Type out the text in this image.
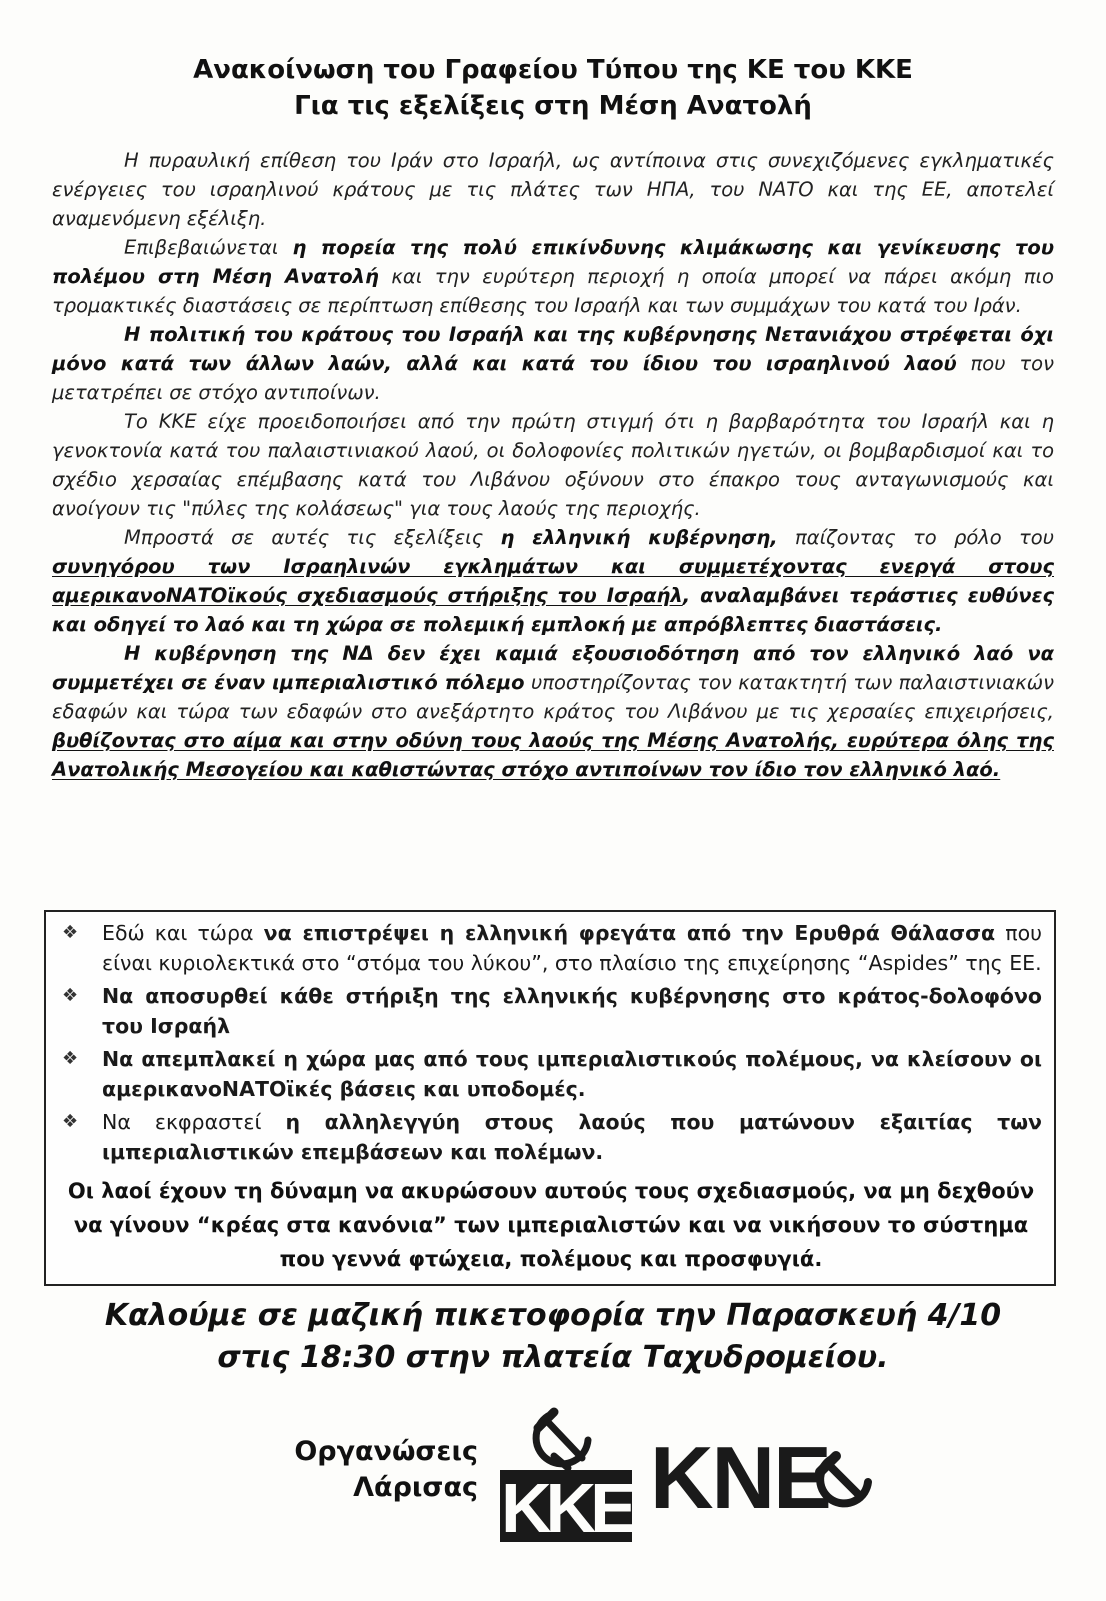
Ανακοίνωση του Γραφείου Τύπου της ΚΕ του ΚΚΕ
Για τις εξελίξεις στη Μέση Ανατολή

Η πυραυλική επίθεση του Ιράν στο Ισραήλ, ως αντίποινα στις συνεχιζόμενες εγκληματικές ενέργειες του ισραηλινού κράτους με τις πλάτες των ΗΠΑ, του ΝΑΤΟ και της ΕΕ, αποτελεί αναμενόμενη εξέλιξη.

Επιβεβαιώνεται η πορεία της πολύ επικίνδυνης κλιμάκωσης και γενίκευσης του πολέμου στη Μέση Ανατολή και την ευρύτερη περιοχή η οποία μπορεί να πάρει ακόμη πιο τρομακτικές διαστάσεις σε περίπτωση επίθεσης του Ισραήλ και των συμμάχων του κατά του Ιράν.

Η πολιτική του κράτους του Ισραήλ και της κυβέρνησης Νετανιάχου στρέφεται όχι μόνο κατά των άλλων λαών, αλλά και κατά του ίδιου του ισραηλινού λαού που τον μετατρέπει σε στόχο αντιποίνων.

Το ΚΚΕ είχε προειδοποιήσει από την πρώτη στιγμή ότι η βαρβαρότητα του Ισραήλ και η γενοκτονία κατά του παλαιστινιακού λαού, οι δολοφονίες πολιτικών ηγετών, οι βομβαρδισμοί και το σχέδιο χερσαίας επέμβασης κατά του Λιβάνου οξύνουν στο έπακρο τους ανταγωνισμούς και ανοίγουν τις "πύλες της κολάσεως" για τους λαούς της περιοχής.

Μπροστά σε αυτές τις εξελίξεις η ελληνική κυβέρνηση, παίζοντας το ρόλο του συνηγόρου των Ισραηλινών εγκλημάτων και συμμετέχοντας ενεργά στους αμερικανοΝΑΤΟϊκούς σχεδιασμούς στήριξης του Ισραήλ, αναλαμβάνει τεράστιες ευθύνες και οδηγεί το λαό και τη χώρα σε πολεμική εμπλοκή με απρόβλεπτες διαστάσεις.

Η κυβέρνηση της ΝΔ δεν έχει καμιά εξουσιοδότηση από τον ελληνικό λαό να συμμετέχει σε έναν ιμπεριαλιστικό πόλεμο υποστηρίζοντας τον κατακτητή των παλαιστινιακών εδαφών και τώρα των εδαφών στο ανεξάρτητο κράτος του Λιβάνου με τις χερσαίες επιχειρήσεις, βυθίζοντας στο αίμα και στην οδύνη τους λαούς της Μέσης Ανατολής, ευρύτερα όλης της Ανατολικής Μεσογείου και καθιστώντας στόχο αντιποίνων τον ίδιο τον ελληνικό λαό.

❖ Εδώ και τώρα να επιστρέψει η ελληνική φρεγάτα από την Ερυθρά Θάλασσα που είναι κυριολεκτικά στο “στόμα του λύκου”, στο πλαίσιο της επιχείρησης “Aspides” της ΕΕ.
❖ Να αποσυρθεί κάθε στήριξη της ελληνικής κυβέρνησης στο κράτος-δολοφόνο του Ισραήλ
❖ Να απεμπλακεί η χώρα μας από τους ιμπεριαλιστικούς πολέμους, να κλείσουν οι αμερικανοΝΑΤΟϊκές βάσεις και υποδομές.
❖ Να εκφραστεί η αλληλεγγύη στους λαούς που ματώνουν εξαιτίας των ιμπεριαλιστικών επεμβάσεων και πολέμων.
Οι λαοί έχουν τη δύναμη να ακυρώσουν αυτούς τους σχεδιασμούς, να μη δεχθούν να γίνουν “κρέας στα κανόνια” των ιμπεριαλιστών και να νικήσουν το σύστημα που γεννά φτώχεια, πολέμους και προσφυγιά.
Καλούμε σε μαζική πικετοφορία την Παρασκευή 4/10
στις 18:30 στην πλατεία Ταχυδρομείου.
Οργανώσεις
Λάρισας ΚΚΕ ΚΝΕ
